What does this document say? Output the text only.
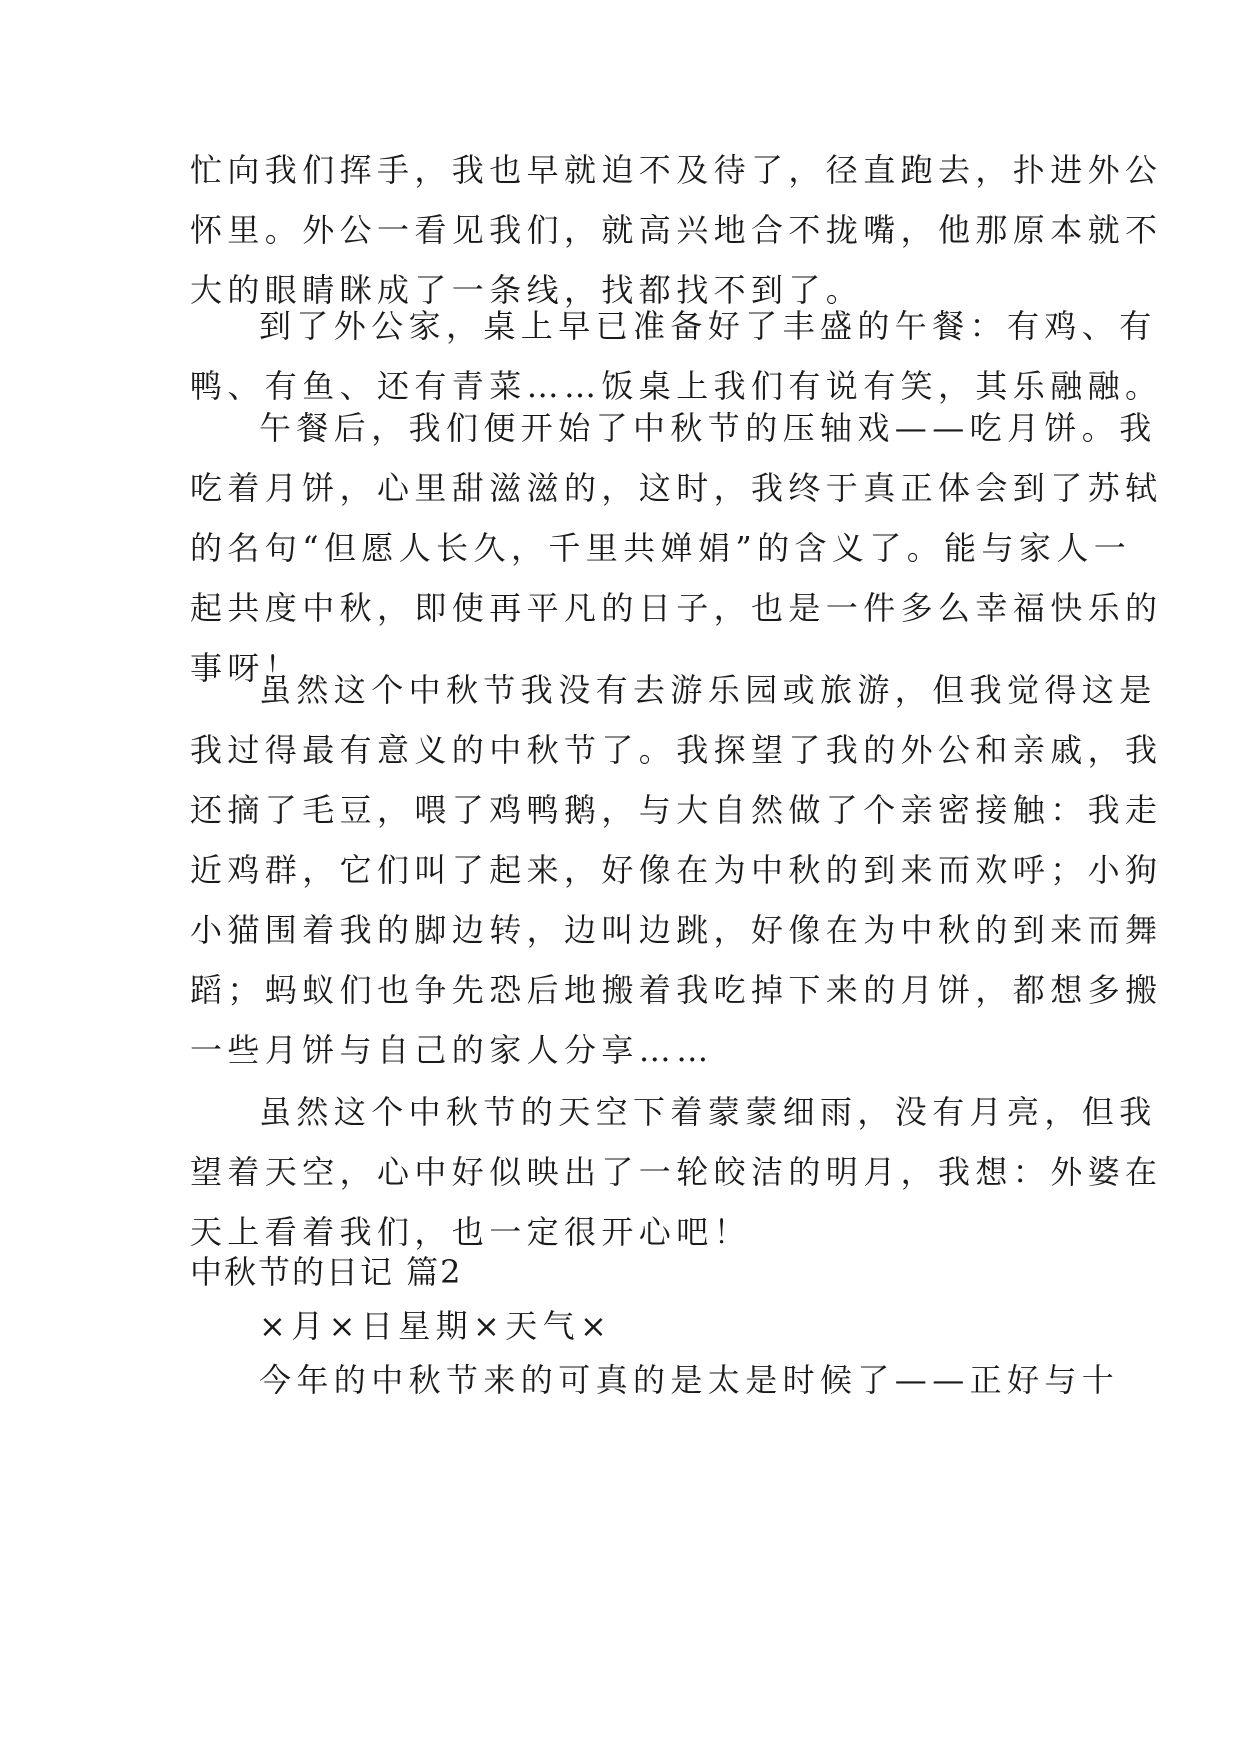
忙向我们挥手，我也早就迫不及待了，径直跑去，扑进外公
怀里。外公一看见我们，就高兴地合不拢嘴，他那原本就不
大的眼睛眯成了一条线，找都找不到了。
到了外公家，桌上早已准备好了丰盛的午餐：有鸡、有
鸭、有鱼、还有青菜……饭桌上我们有说有笑，其乐融融。
午餐后，我们便开始了中秋节的压轴戏——吃月饼。我
吃着月饼，心里甜滋滋的，这时，我终于真正体会到了苏轼
的名句“但愿人长久，千里共婵娟”的含义了。能与家人一
起共度中秋，即使再平凡的日子，也是一件多么幸福快乐的
事呀！
虽然这个中秋节我没有去游乐园或旅游，但我觉得这是
我过得最有意义的中秋节了。我探望了我的外公和亲戚，我
还摘了毛豆，喂了鸡鸭鹅，与大自然做了个亲密接触：我走
近鸡群，它们叫了起来，好像在为中秋的到来而欢呼；小狗
小猫围着我的脚边转，边叫边跳，好像在为中秋的到来而舞
蹈；蚂蚁们也争先恐后地搬着我吃掉下来的月饼，都想多搬
一些月饼与自己的家人分享……
虽然这个中秋节的天空下着蒙蒙细雨，没有月亮，但我
望着天空，心中好似映出了一轮皎洁的明月，我想：外婆在
天上看着我们，也一定很开心吧！
中秋节的日记 篇2
×月×日星期×天气×
今年的中秋节来的可真的是太是时候了——正好与十
